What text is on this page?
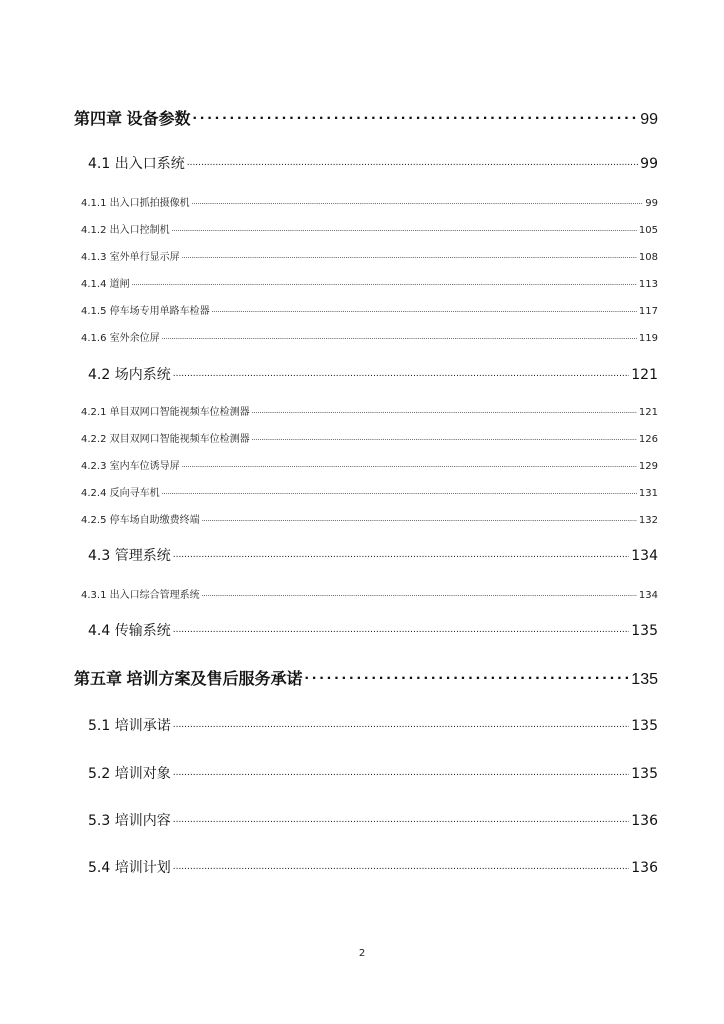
第四章 设备参数 .....	99
4.1 出入口系统 .....	99
4.1.1 出入口抓拍摄像机 .....	99
4.1.2 出入口控制机 .....	105
4.1.3 室外单行显示屏 .....	108
4.1.4 道闸 .....	113
4.1.5 停车场专用单路车检器 .....	117
4.1.6 室外余位屏 .....	119
4.2 场内系统 .....	121
4.2.1 单目双网口智能视频车位检测器 .....	121
4.2.2 双目双网口智能视频车位检测器 .....	126
4.2.3 室内车位诱导屏 .....	129
4.2.4 反向寻车机 .....	131
4.2.5 停车场自助缴费终端 .....	132
4.3 管理系统 .....	134
4.3.1 出入口综合管理系统 .....	134
4.4 传输系统 .....	135
第五章 培训方案及售后服务承诺 .....	135
5.1 培训承诺 .....	135
5.2 培训对象 .....	135
5.3 培训内容 .....	136
5.4 培训计划 .....	136
2
